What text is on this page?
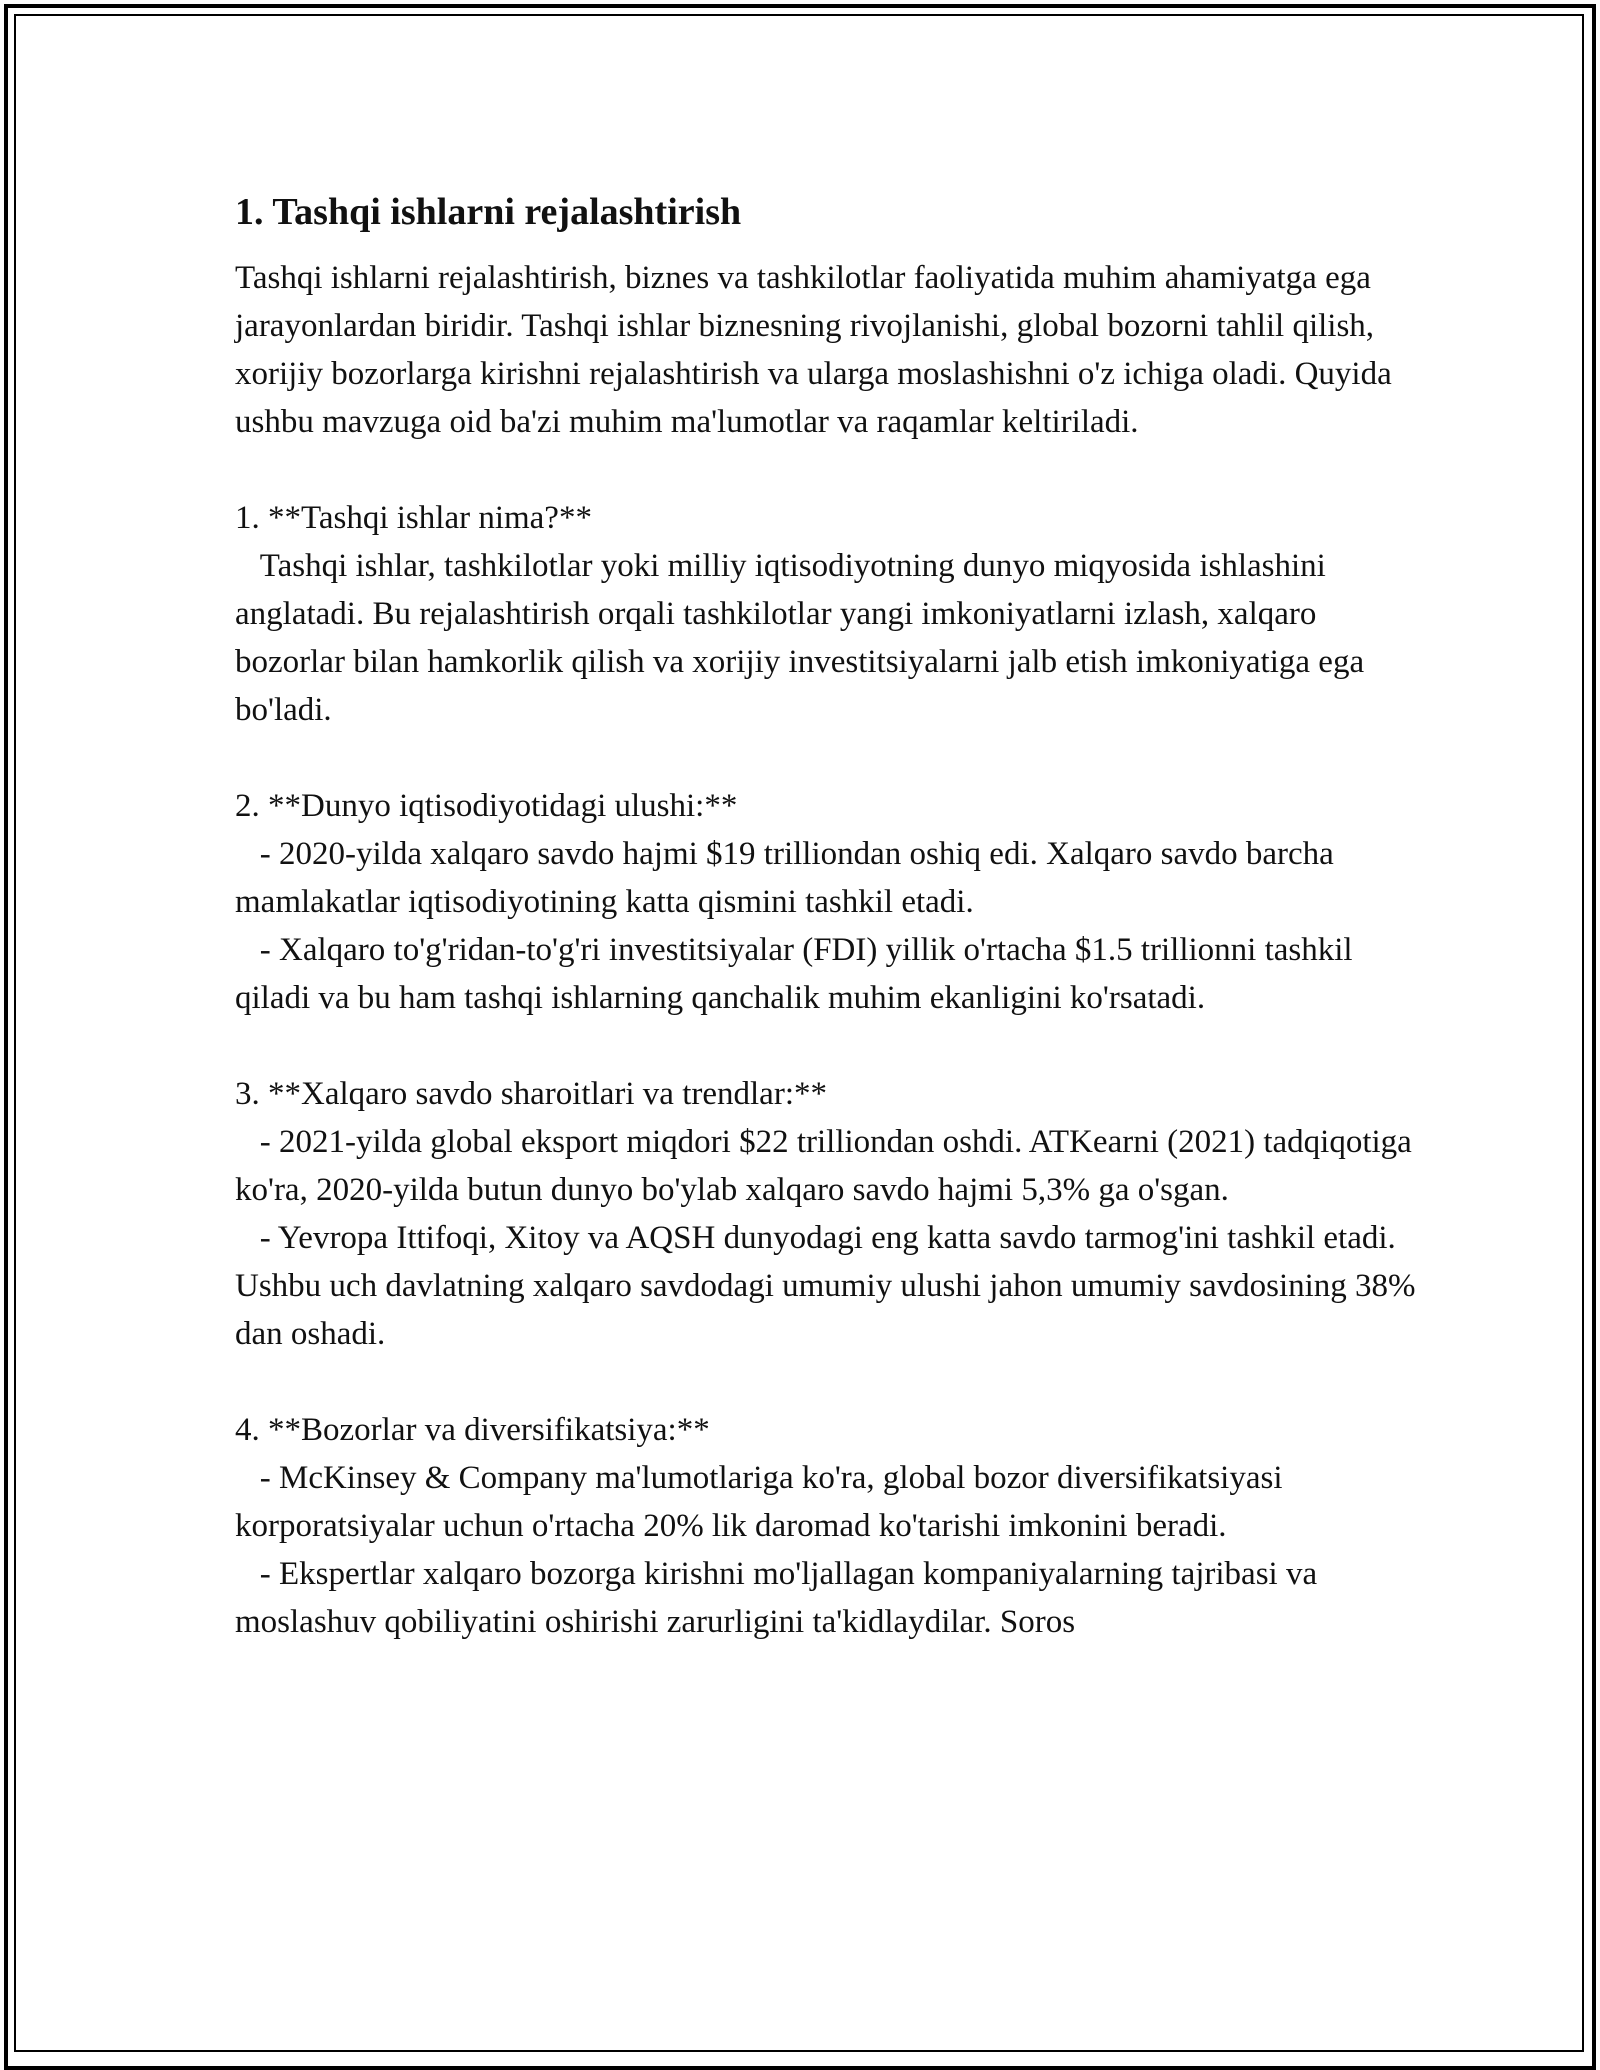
1. Tashqi ishlarni rejalashtirish

Tashqi ishlarni rejalashtirish, biznes va tashkilotlar faoliyatida muhim ahamiyatga ega jarayonlardan biridir. Tashqi ishlar biznesning rivojlanishi, global bozorni tahlil qilish, xorijiy bozorlarga kirishni rejalashtirish va ularga moslashishni o'z ichiga oladi. Quyida ushbu mavzuga oid ba'zi muhim ma'lumotlar va raqamlar keltiriladi.

1. **Tashqi ishlar nima?**

Tashqi ishlar, tashkilotlar yoki milliy iqtisodiyotning dunyo miqyosida ishlashini anglatadi. Bu rejalashtirish orqali tashkilotlar yangi imkoniyatlarni izlash, xalqaro bozorlar bilan hamkorlik qilish va xorijiy investitsiyalarni jalb etish imkoniyatiga ega bo'ladi.

2. **Dunyo iqtisodiyotidagi ulushi:**

- 2020-yilda xalqaro savdo hajmi $19 trilliondan oshiq edi. Xalqaro savdo barcha mamlakatlar iqtisodiyotining katta qismini tashkil etadi.

- Xalqaro to'g'ridan-to'g'ri investitsiyalar (FDI) yillik o'rtacha $1.5 trillionni tashkil qiladi va bu ham tashqi ishlarning qanchalik muhim ekanligini ko'rsatadi.

3. **Xalqaro savdo sharoitlari va trendlar:**

- 2021-yilda global eksport miqdori $22 trilliondan oshdi. ATKearni (2021) tadqiqotiga ko'ra, 2020-yilda butun dunyo bo'ylab xalqaro savdo hajmi 5,3% ga o'sgan.

- Yevropa Ittifoqi, Xitoy va AQSH dunyodagi eng katta savdo tarmog'ini tashkil etadi. Ushbu uch davlatning xalqaro savdodagi umumiy ulushi jahon umumiy savdosining 38% dan oshadi.

4. **Bozorlar va diversifikatsiya:**

- McKinsey & Company ma'lumotlariga ko'ra, global bozor diversifikatsiyasi korporatsiyalar uchun o'rtacha 20% lik daromad ko'tarishi imkonini beradi.

- Ekspertlar xalqaro bozorga kirishni mo'ljallagan kompaniyalarning tajribasi va moslashuv qobiliyatini oshirishi zarurligini ta'kidlaydilar. Soros
